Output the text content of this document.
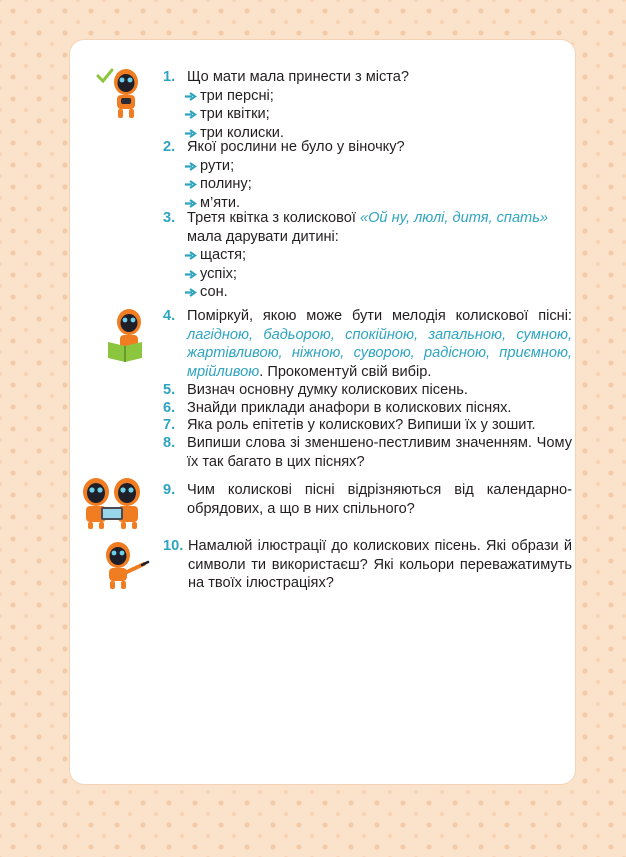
1. Що мати мала принести з міста?
три персні;
три квітки;
три колиски.
2. Якої рослини не було у віночку?
рути;
полину;
м’яти.
3. Третя квітка з колискової «Ой ну, люлі, дитя, спать» мала дарувати дитині:
щастя;
успіх;
сон.
4. Поміркуй, якою може бути мелодія колискової пісні: лагідною, бадьорою, спокійною, запальною, сумною, жартівливою, ніжною, суворою, радісною, приємною, мрійливою. Прокоментуй свій вибір.
5. Визнач основну думку колискових пісень.
6. Знайди приклади анафори в колискових піснях.
7. Яка роль епітетів у колискових? Випиши їх у зошит.
8. Випиши слова зі зменшено-пестливим значенням. Чому їх так багато в цих піснях?
9. Чим колискові пісні відрізняються від календарно-обрядових, а що в них спільного?
10. Намалюй ілюстрації до колискових пісень. Які образи й символи ти використаєш? Які кольори переважатимуть на твоїх ілюстраціях?
